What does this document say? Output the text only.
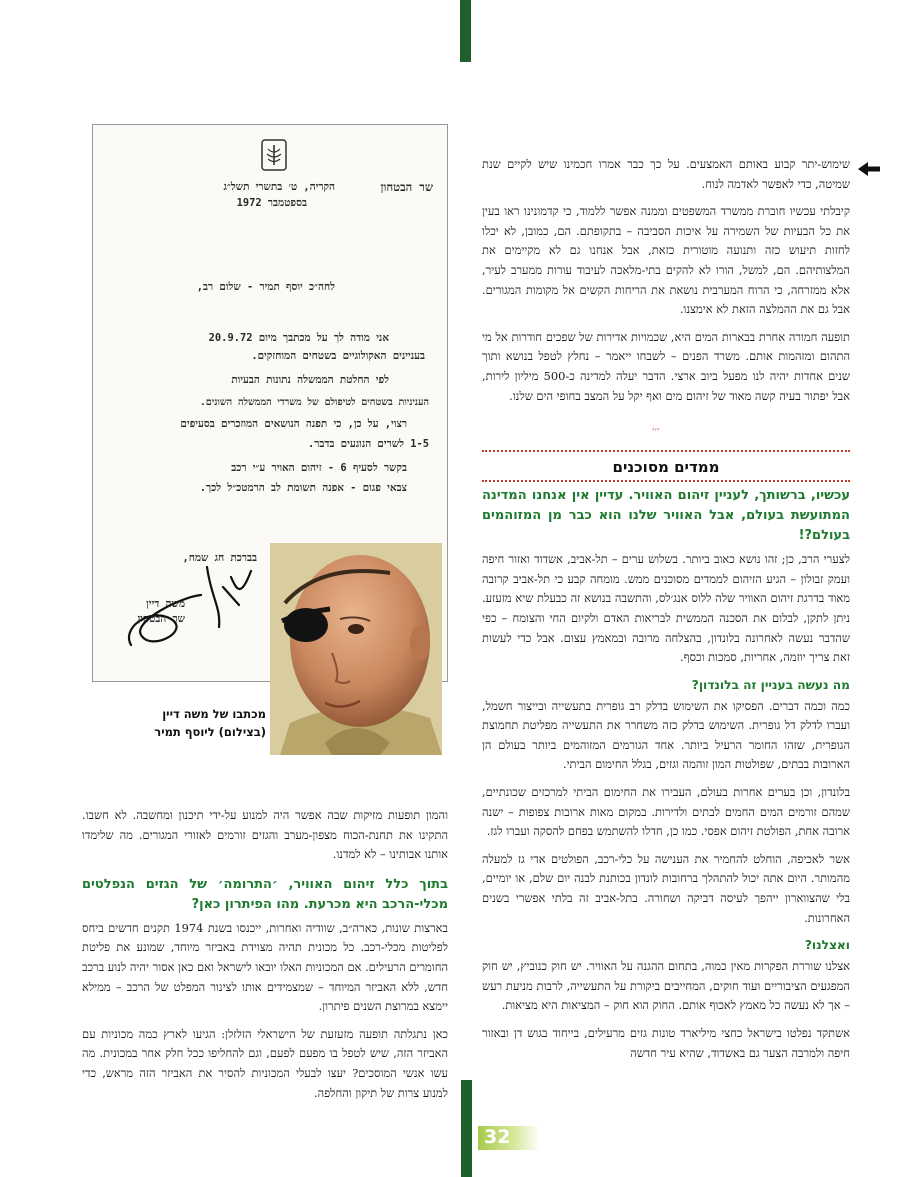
שר הבטחון
הקריה, ט׳ בתשרי תשל״ג
בספטמבר 1972
לחה״כ יוסף תמיר - שלום רב,
אני מודה לך על מכתבך מיום 20.9.72
בעניינים האקולוגיים בשטחים המוחזקים.
לפי החלטת הממשלה נתונות הבעיות
העניניות בשטחים לטיפולם של משרדי הממשלה השונים.
רצוי, על כן, כי תפנה הנושאים המוזכרים בסעיפים
1-5 לשרים הנוגעים בדבר.
בקשר לסעיף 6 - זיהום האויר ע״י רכב
צבאי פגום - אפנה תשומת לב הרמטכ״ל לכך.
בברכת חג שמח,
משה דיין
שר הבטחון
מכתבו של משה דיין
(בצילום) ליוסף תמיר

שימוש-יתר קבוע באותם האמצעים. על כך כבר אמרו חכמינו שיש לקיים שנת שמיטה, כדי לאפשר לאדמה לנוח.

קיבלתי עכשיו חוברת ממשרד המשפטים וממנה אפשר ללמוד, כי קדמונינו ראו בעין את כל הבעיות של השמירה על איכות הסביבה – בתקופתם. הם, כמובן, לא יכלו לחזות תיעוש כזה ותנועה מוטורית כזאת, אבל אנחנו גם לא מקיימים את המלצותיהם. הם, למשל, הורו לא להקים בתי-מלאכה לעיבוד עורות ממערב לעיר, אלא ממזרחה, כי הרוח המערבית נושאת את הריחות הקשים אל מקומות המגורים. אבל גם את ההמלצה הזאת לא אימצנו.

תופעה חמורה אחרת בבארות המים היא, שכמויות אדירות של שפכים חודרות אל מי התהום ומזהמות אותם. משרד הפנים – לשבחו ייאמר – נחלץ לטפל בנושא ותוך שנים אחדות יהיה לנו מפעל ביוב ארצי. הדבר יעלה למדינה כ-500 מיליון לירות, אבל יפתור בעיה קשה מאוד של זיהום מים ואף יקל על המצב בחופי הים שלנו.

׳׳׳
ממדים מסוכנים

עכשיו, ברשותך, לעניין זיהום האוויר. עדיין אין אנחנו המדינה המתועשת בעולם, אבל האוויר שלנו הוא כבר מן המזוהמים בעולם?!

לצערי הרב, כן; זהו נושא כאוב ביותר. בשלוש ערים – תל-אביב, אשדוד ואזור חיפה ועמק זבולון – הגיע הזיהום לממדים מסוכנים ממש. מומחה קבע כי תל-אביב קרובה מאוד בדרגת זיהום האוויר שלה ללוס אנג׳לס, והתשבה בנושא זה כבעלת שיא מזעזע. ניתן לתקן, לבלום את הסכנה הממשית לבריאות האדם ולקיום החי והצומח – כפי שהדבר נעשה לאחרונה בלונדון, בהצלחה מרובה ובמאמץ עצום. אבל כדי לעשות זאת צריך יוזמה, אחריות, סמכות וכסף.

מה נעשה בעניין זה בלונדון?

כמה וכמה דברים. הפסיקו את השימוש בדלק רב גופרית בתעשייה ובייצור חשמל, ועברו לדלק דל גופרית. השימוש בדלק כזה משחרר את התעשייה מפליטת תחמוצת הגופרית, שזהו החומר הרעיל ביותר. אחד הגורמים המזוהמים ביותר בעולם הן הארובות בבתים, שפולטות המון זוהמה וגזים, בגלל החימום הביתי.

בלונדון, וכן בערים אחרות בעולם, העבירו את החימום הביתי למרכזים שכונתיים, שמהם זורמים המים החמים לבתים ולדירות. במקום מאות ארובות צפופות – ישנה ארובה אחת, הפולטת זיהום אפסי. כמו כן, חדלו להשתמש בפחם להסקה ועברו לגז.

אשר לאכיפה, הוחלט להחמיר את הענישה על כלי-רכב, הפולטים אדי גז למעלה מהמותר. היום אתה יכול להתהלך ברחובות לונדון בכותנת לבנה יום שלם, או יומיים, בלי שהצווארון ייהפך לעיסה דביקה ושחורה. בתל-אביב זה בלתי אפשרי בשנים האחרונות.

ואצלנו?

אצלנו שוררת הפקרות מאין כמוה, בתחום ההגנה על האוויר. יש חוק כנוביץ, יש חוק המפגעים הציבוריים ועוד חוקים, המחייבים ביקורת על התעשייה, לרבות מניעת רעש – אך לא נעשה כל מאמץ לאכוף אותם. החוק הוא חוק – המציאות היא מציאות.

אשתקד נפלטו בישראל כחצי מיליארד טונות גזים מרעילים, בייחוד בגוש דן ובאזור חיפה ולמרבה הצער גם באשדוד, שהיא עיר חדשה

והמון תופעות מזיקות שבה אפשר היה למנוע על-ידי תיכנון ומחשבה. לא חשבו. התקינו את תחנת-הכוח מצפון-מערב והגזים זורמים לאזורי המגורים. מה שלימדו אותנו אבותינו – לא למדנו.

בתוך כלל זיהום האוויר, ׳התרומה׳ של הגזים הנפלטים מכלי-הרכב היא מכרעת. מהו הפיתרון כאן?

בארצות שונות, כארה״ב, שוודיה ואחרות, ייכנסו בשנת 1974 תקנים חדשים ביחס לפליטות מכלי-רכב. כל מכונית תהיה מצוידת באביזר מיוחד, שמונע את פליטת החומרים הרעילים. אם המכוניות האלו יובאו לישראל ואם כאן אסור יהיה לנוע ברכב חדש, ללא האביזר המיוחד – שמצמידים אותו לצינור המפלט של הרכב – ממילא יימצא במרוצת השנים פיתרון.

כאן נתגלתה תופעה מזעזעת של הישראלי הזלזלן: הגיעו לארץ כמה מכוניות עם האביזר הזה, שיש לטפל בו מפעם לפעם, וגם להחליפו ככל חלק אחר במכונית. מה עשו אנשי המוסכים? יעצו לבעלי המכוניות להסיר את האביזר הזה מראש, כדי למנוע צרות של תיקון והחלפה.

32
